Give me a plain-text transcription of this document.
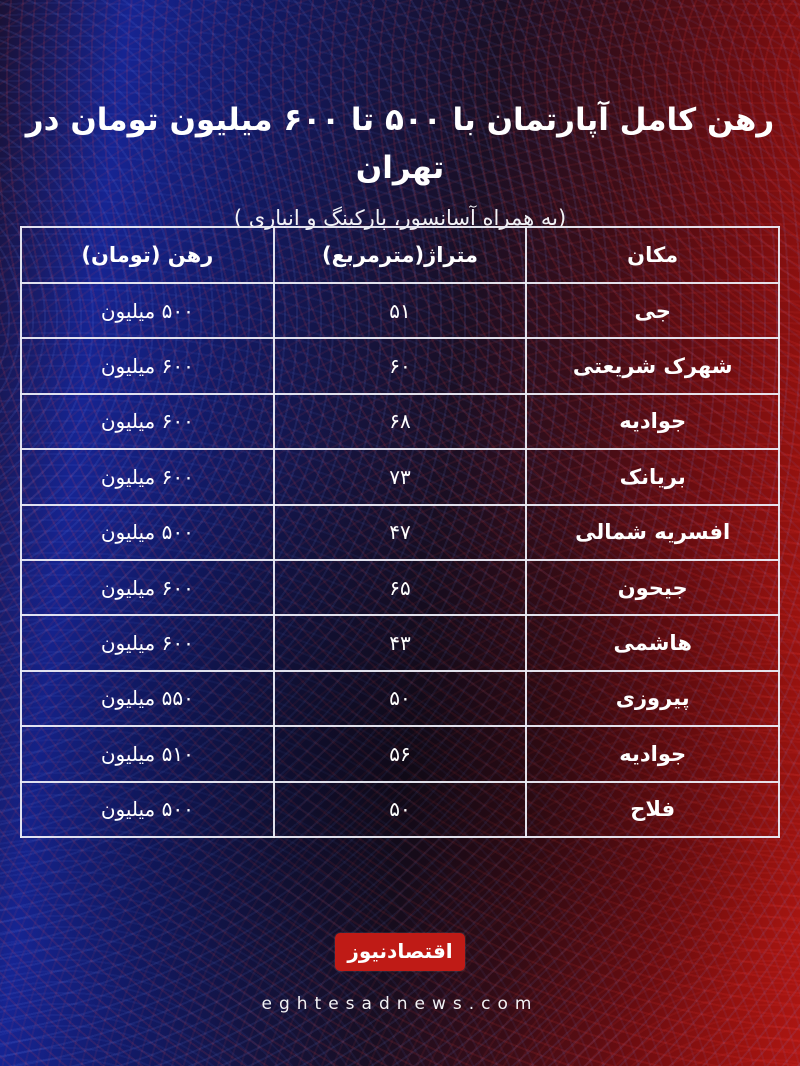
رهن کامل آپارتمان با ۵۰۰ تا ۶۰۰ میلیون تومان در تهران
(به همراه آسانسور، پارکینگ و انباری )
مکان	متراژ(مترمربع)	رهن (تومان)
جی	۵۱	۵۰۰ میلیون
شهرک شریعتی	۶۰	۶۰۰ میلیون
جوادیه	۶۸	۶۰۰ میلیون
بریانک	۷۳	۶۰۰ میلیون
افسریه شمالی	۴۷	۵۰۰ میلیون
جیحون	۶۵	۶۰۰ میلیون
هاشمی	۴۳	۶۰۰ میلیون
پیروزی	۵۰	۵۵۰ میلیون
جوادیه	۵۶	۵۱۰ میلیون
فلاح	۵۰	۵۰۰ میلیون
اقتصادنیوز
eghtesadnews.com
